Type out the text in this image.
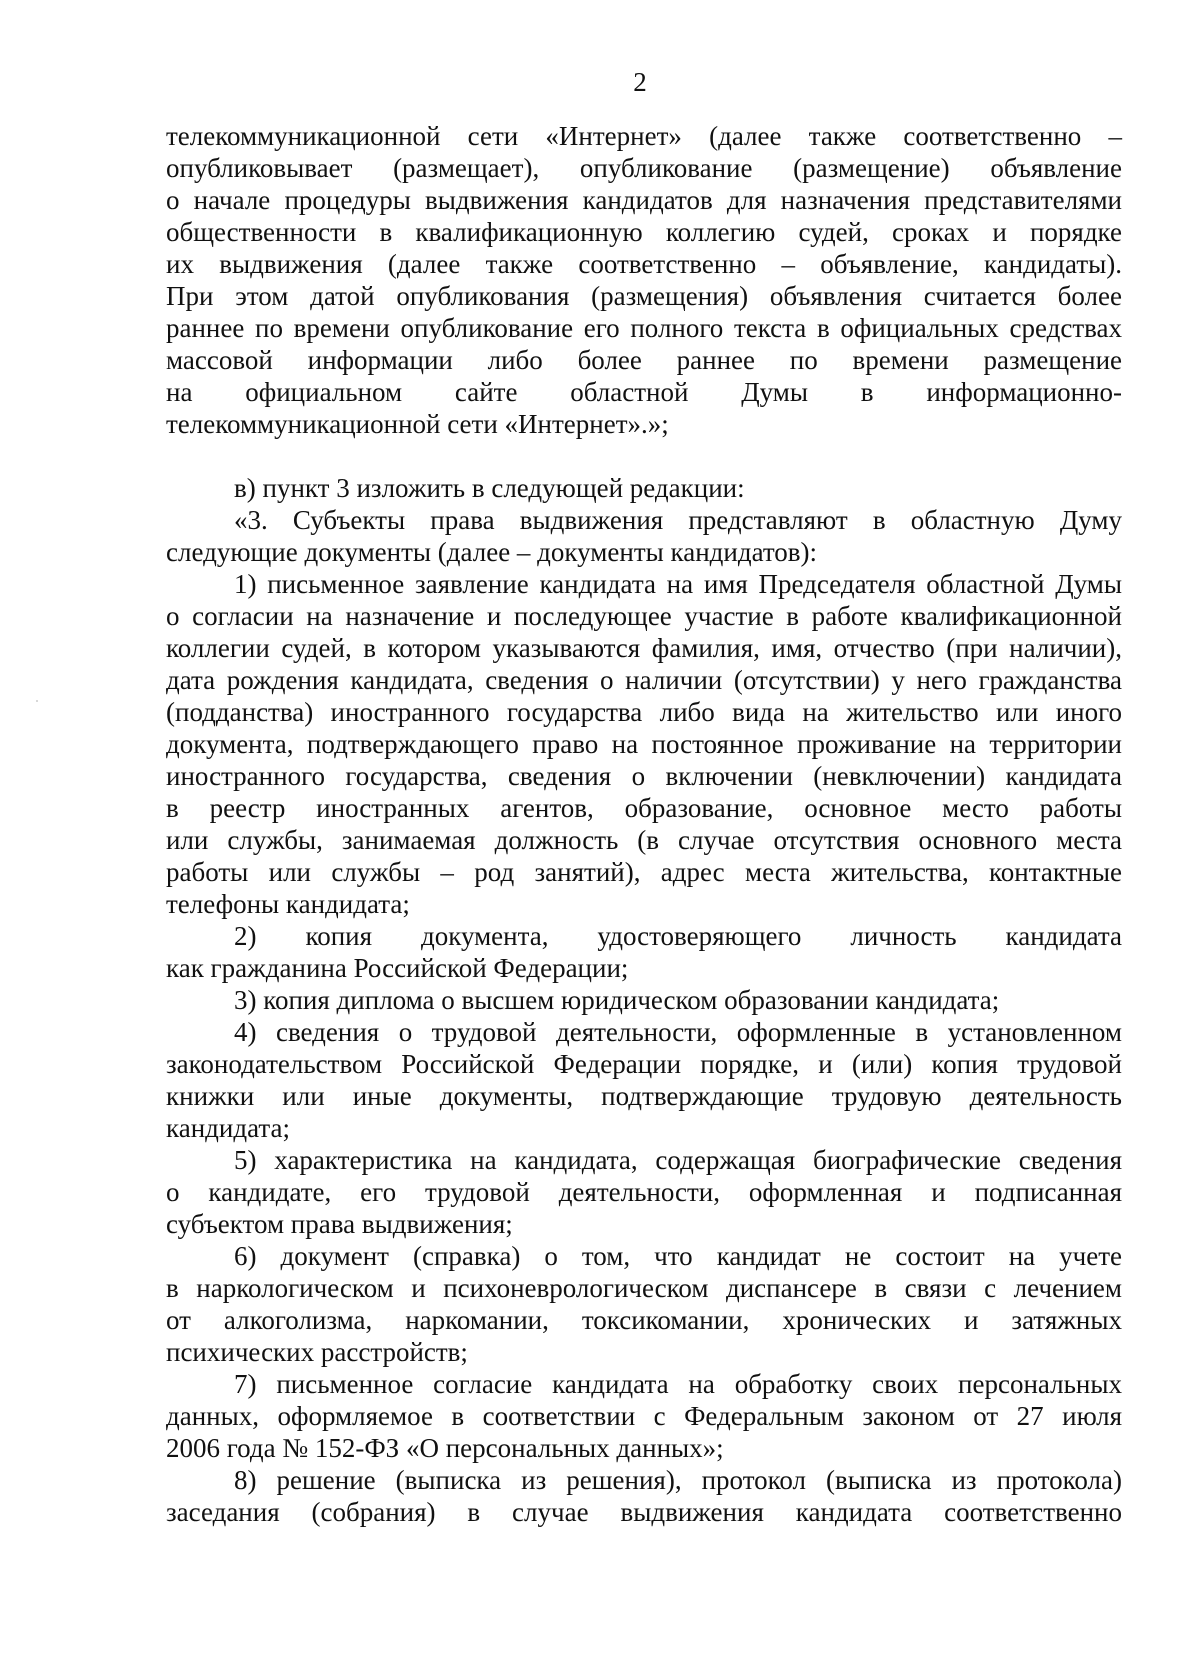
2
телекоммуникационной сети «Интернет» (далее также соответственно –
опубликовывает (размещает), опубликование (размещение) объявление
о начале процедуры выдвижения кандидатов для назначения представителями
общественности в квалификационную коллегию судей, сроках и порядке
их выдвижения (далее также соответственно – объявление, кандидаты).
При этом датой опубликования (размещения) объявления считается более
раннее по времени опубликование его полного текста в официальных средствах
массовой информации либо более раннее по времени размещение
на официальном сайте областной Думы в информационно-
телекоммуникационной сети «Интернет».»;
в) пункт 3 изложить в следующей редакции:
«3. Субъекты права выдвижения представляют в областную Думу
следующие документы (далее – документы кандидатов):
1) письменное заявление кандидата на имя Председателя областной Думы
о согласии на назначение и последующее участие в работе квалификационной
коллегии судей, в котором указываются фамилия, имя, отчество (при наличии),
дата рождения кандидата, сведения о наличии (отсутствии) у него гражданства
(подданства) иностранного государства либо вида на жительство или иного
документа, подтверждающего право на постоянное проживание на территории
иностранного государства, сведения о включении (невключении) кандидата
в реестр иностранных агентов, образование, основное место работы
или службы, занимаемая должность (в случае отсутствия основного места
работы или службы – род занятий), адрес места жительства, контактные
телефоны кандидата;
2) копия документа, удостоверяющего личность кандидата
как гражданина Российской Федерации;
3) копия диплома о высшем юридическом образовании кандидата;
4) сведения о трудовой деятельности, оформленные в установленном
законодательством Российской Федерации порядке, и (или) копия трудовой
книжки или иные документы, подтверждающие трудовую деятельность
кандидата;
5) характеристика на кандидата, содержащая биографические сведения
о кандидате, его трудовой деятельности, оформленная и подписанная
субъектом права выдвижения;
6) документ (справка) о том, что кандидат не состоит на учете
в наркологическом и психоневрологическом диспансере в связи с лечением
от алкоголизма, наркомании, токсикомании, хронических и затяжных
психических расстройств;
7) письменное согласие кандидата на обработку своих персональных
данных, оформляемое в соответствии с Федеральным законом от 27 июля
2006 года № 152-ФЗ «О персональных данных»;
8) решение (выписка из решения), протокол (выписка из протокола)
заседания (собрания) в случае выдвижения кандидата соответственно
